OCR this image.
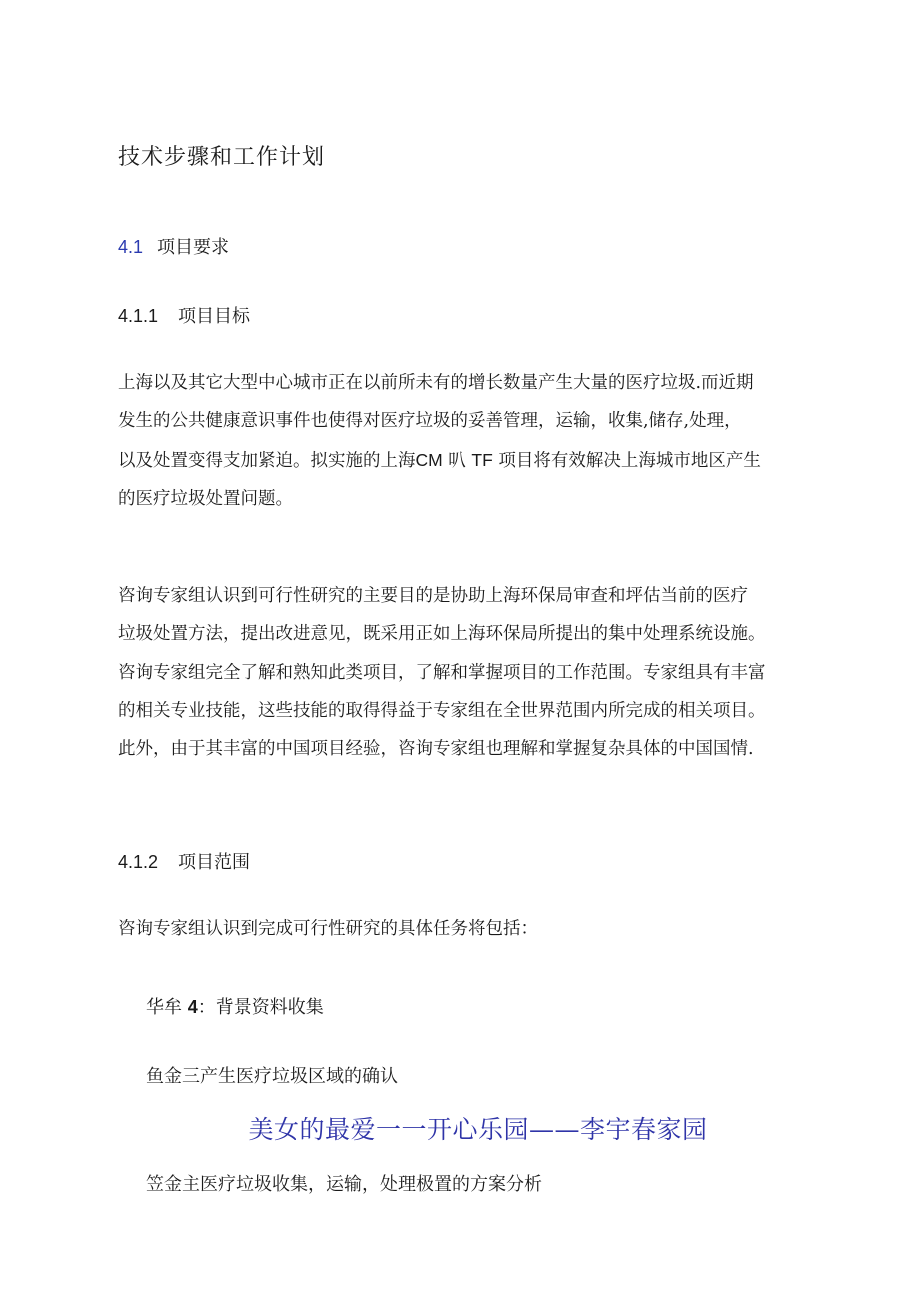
技术步骤和工作计划
4.1 项目要求
4.1.1 项目目标
上海以及其它大型中心城市正在以前所未有的增长数量产生大量的医疗垃圾.而近期
发生的公共健康意识事件也使得对医疗垃圾的妥善管理，运输，收集,储存,处理，
以及处置变得支加紧迫。拟实施的上海CM 叭 TF 项目将有效解决上海城市地区产生
的医疗垃圾处置问题。
咨询专家组认识到可行性研究的主要目的是协助上海环保局审查和坪估当前的医疗
垃圾处置方法，提出改进意见，既采用正如上海环保局所提出的集中处理系统设施。
咨询专家组完全了解和熟知此类项目，了解和掌握项目的工作范围。专家组具有丰富
的相关专业技能，这些技能的取得得益于专家组在全世界范围内所完成的相关项目。
此外，由于其丰富的中国项目经验，咨询专家组也理解和掌握复杂具体的中国国情.
4.1.2 项目范围
咨询专家组认识到完成可行性研究的具体任务将包括：
华牟 4：背景资料收集
鱼金三产生医疗垃圾区域的确认
美女的最爱一一开心乐园——李宇春家园
笠金主医疗垃圾收集，运输，处理极置的方案分析
